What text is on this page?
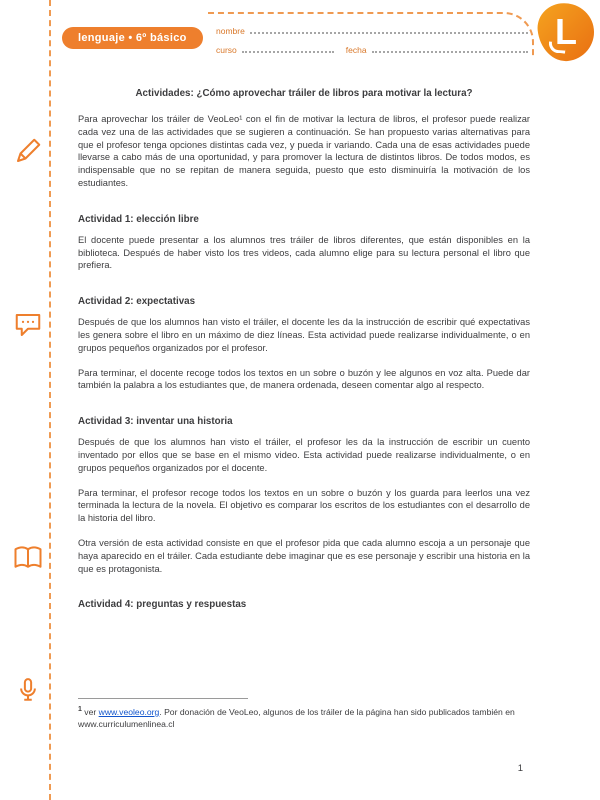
lenguaje • 6º básico
nombre
curso	fecha	L
Actividades: ¿Cómo aprovechar tráiler de libros para motivar la lectura?

Para aprovechar los tráiler de VeoLeo¹ con el fin de motivar la lectura de libros, el profesor puede realizar cada vez una de las actividades que se sugieren a continuación. Se han propuesto varias alternativas para que el profesor tenga opciones distintas cada vez, y pueda ir variando. Cada una de esas actividades puede llevarse a cabo más de una oportunidad, y para promover la lectura de distintos libros. De todos modos, es indispensable que no se repitan de manera seguida, puesto que esto disminuiría la motivación de los estudiantes.

Actividad 1: elección libre

El docente puede presentar a los alumnos tres tráiler de libros diferentes, que están disponibles en la biblioteca. Después de haber visto los tres videos, cada alumno elige para su lectura personal el libro que prefiera.

Actividad 2: expectativas

Después de que los alumnos han visto el tráiler, el docente les da la instrucción de escribir qué expectativas les genera sobre el libro en un máximo de diez líneas. Esta actividad puede realizarse individualmente, o en grupos pequeños organizados por el profesor.

Para terminar, el docente recoge todos los textos en un sobre o buzón y lee algunos en voz alta. Puede dar también la palabra a los estudiantes que, de manera ordenada, deseen comentar algo al respecto.

Actividad 3: inventar una historia

Después de que los alumnos han visto el tráiler, el profesor les da la instrucción de escribir un cuento inventado por ellos que se base en el mismo video. Esta actividad puede realizarse individualmente, o en grupos pequeños organizados por el docente.

Para terminar, el profesor recoge todos los textos en un sobre o buzón y los guarda para leerlos una vez terminada la lectura de la novela. El objetivo es comparar los escritos de los estudiantes con el desarrollo de la historia del libro.

Otra versión de esta actividad consiste en que el profesor pida que cada alumno escoja a un personaje que haya aparecido en el tráiler. Cada estudiante debe imaginar que es ese personaje y escribir una historia en la que es protagonista.

Actividad 4: preguntas y respuestas

$^1$ ver www.veoleo.org. Por donación de VeoLeo, algunos de los tráiler de la página han sido publicados también en www.curriculumenlinea.cl

1
